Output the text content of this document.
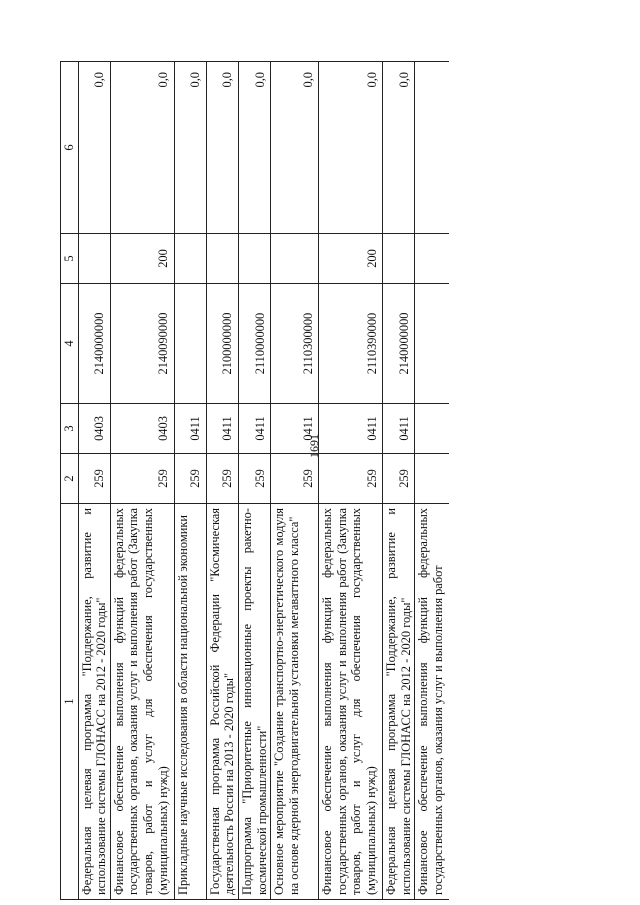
1691
1	2	3	4	5	6
Федеральная целевая программа "Поддержание, развитие и использование системы ГЛОНАСС на 2012 - 2020 годы"	259	0403	2140000000		0,0
Финансовое обеспечение выполнения функций федеральных государственных органов, оказания услуг и выполнения работ (Закупка товаров, работ и услуг для обеспечения государственных (муниципальных) нужд)	259	0403	2140090000	200	0,0
Прикладные научные исследования в области национальной экономики	259	0411			0,0
Государственная программа Российской Федерации "Космическая деятельность России на 2013 - 2020 годы"	259	0411	2100000000		0,0
Подпрограмма "Приоритетные инновационные проекты ракетно-космической промышленности"	259	0411	2110000000		0,0
Основное мероприятие "Создание транспортно-энергетического модуля на основе ядерной энергодвигательной установки мегаваттного класса"	259	0411	2110300000		0,0
Финансовое обеспечение выполнения функций федеральных государственных органов, оказания услуг и выполнения работ (Закупка товаров, работ и услуг для обеспечения государственных (муниципальных) нужд)	259	0411	2110390000	200	0,0
Федеральная целевая программа "Поддержание, развитие и использование системы ГЛОНАСС на 2012 - 2020 годы"	259	0411	2140000000		0,0
Финансовое обеспечение выполнения функций федеральных государственных органов, оказания услуг и выполнения работ					
